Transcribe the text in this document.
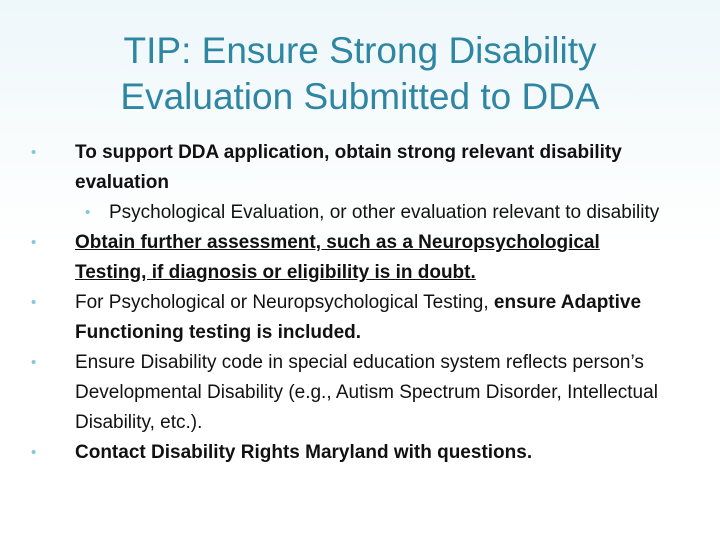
TIP: Ensure Strong Disability
Evaluation Submitted to DDA
• To support DDA application, obtain strong relevant disability evaluation
• Psychological Evaluation, or other evaluation relevant to disability
• Obtain further assessment, such as a Neuropsychological Testing, if diagnosis or eligibility is in doubt.
• For Psychological or Neuropsychological Testing, ensure Adaptive Functioning testing is included.
• Ensure Disability code in special education system reflects person’s Developmental Disability (e.g., Autism Spectrum Disorder, Intellectual Disability, etc.).
• Contact Disability Rights Maryland with questions.
